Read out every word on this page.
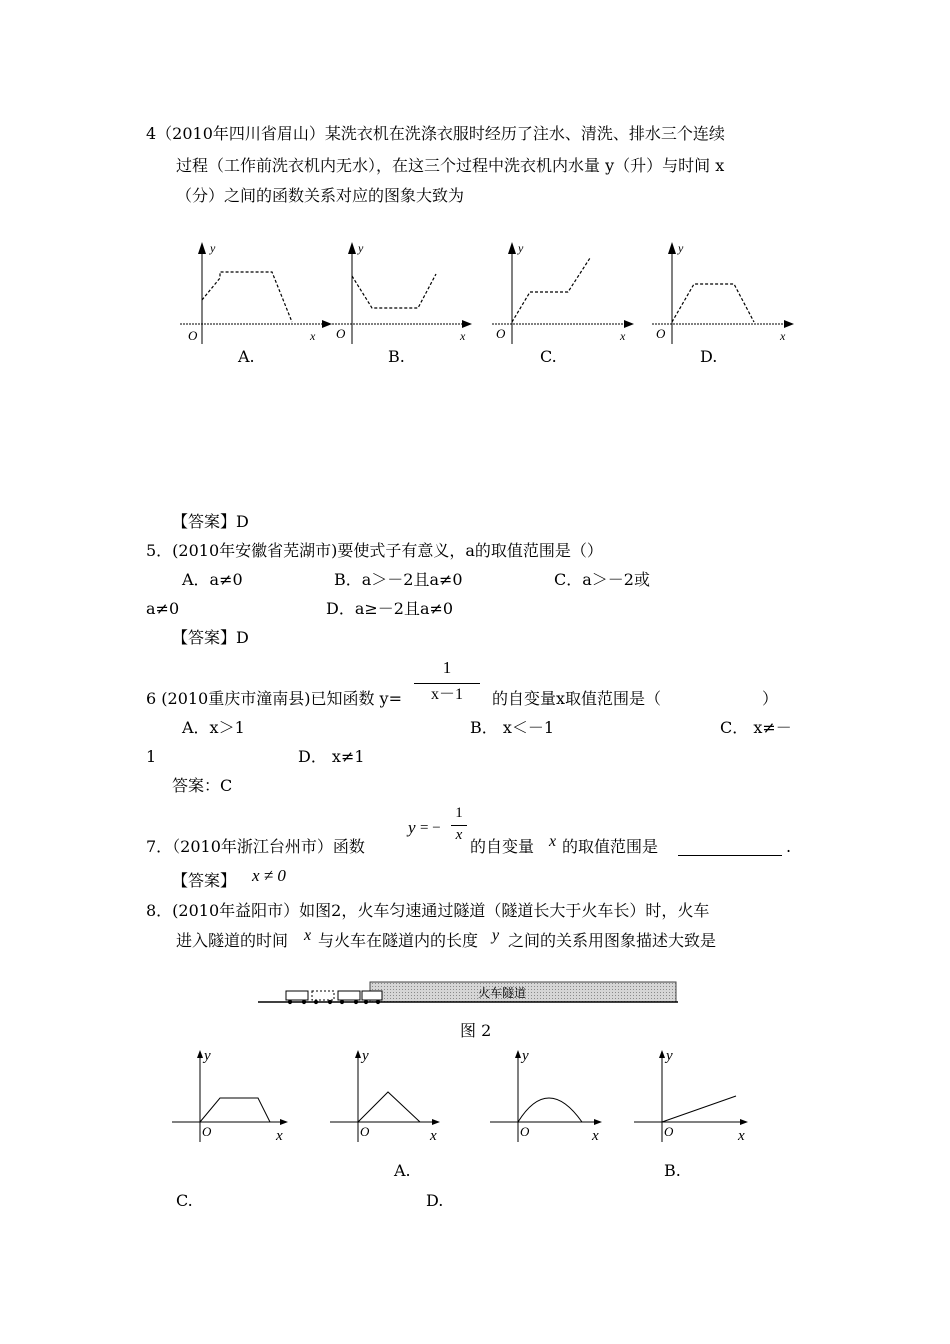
4（2010年四川省眉山）某洗衣机在洗涤衣服时经历了注水、清洗、排水三个连续
过程（工作前洗衣机内无水），在这三个过程中洗衣机内水量 y（升）与时间 x
（分）之间的函数关系对应的图象大致为
y
x
O
A.
y
x
O
B.
y
x
O
C.
y
x
O
D.
【答案】D
5．(2010年安徽省芜湖市)要使式子有意义，a的取值范围是（）
A．a≠0	B．a＞－2且a≠0	C．a＞－2或
a≠0	D．a≥－2且a≠0
【答案】D
6 (2010重庆市潼南县)已知函数 $y= \frac{1}{x-1}$ 的自变量x取值范围是（	）
A．x＞1	B． x＜－1	C． x≠－
1	D． x≠1
答案：C
7．（2010年浙江台州市）函数
y = − $\frac{1}{x}$
的自变量 x 的取值范围是	.
【答案】 x ≠ 0
8．(2010年益阳市）如图2，火车匀速通过隧道（隧道长大于火车长）时，火车
进入隧道的时间 x 与火车在隧道内的长度 y 之间的关系用图象描述大致是
火车隧道
图 2
y
x
O
y
x
O
y
x
O
y
x
O
A.	B.
C.	D.
